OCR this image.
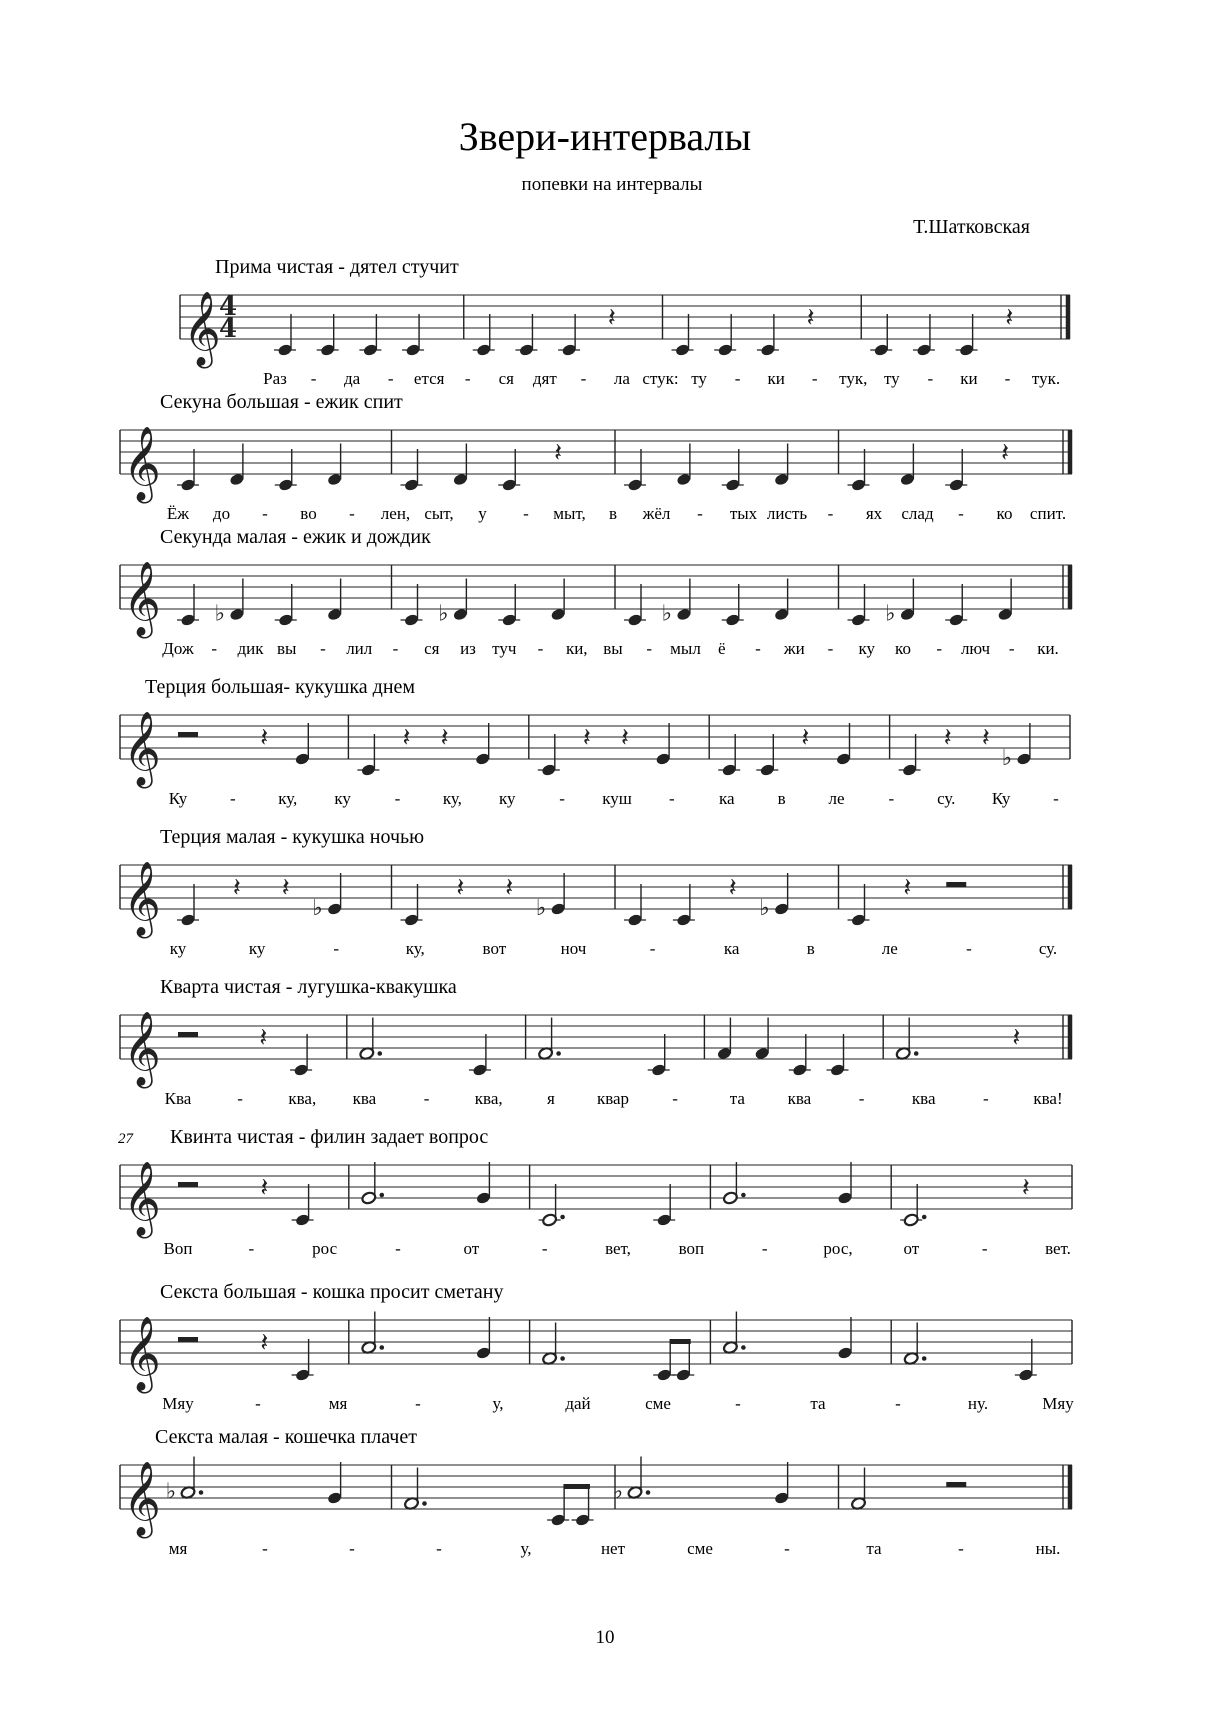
Звери-интервалы
попевки на интервалы
Т.Шатковская
Прима чистая - дятел стучит
𝄞
4
4	𝄽	𝄽	𝄽
Раз - да - ется - ся дят - ла стук: ту - ки - тук, ту - ки - тук.
Секуна большая - ежик спит
𝄞	𝄽	𝄽
Ёж до - во - лен, сыт, у - мыт, в жёл - тых листь - ях слад - ко спит.
Секунда малая - ежик и дождик
𝄞 ♭	♭	♭	♭
Дож - дик вы - лил - ся из туч - ки, вы - мыл ё - жи - ку ко - люч - ки.
Терция большая- кукушка днем
𝄞	𝄽	𝄽 𝄽	𝄽 𝄽	𝄽	𝄽 𝄽
♭
Ку	-	ку, ку	-	ку, ку	- куш -	ка	в	ле	-	су. Ку	-
Терция малая - кукушка ночью
𝄞	𝄽 𝄽
♭
𝄽 𝄽
♭
𝄽
♭
𝄽
ку	ку	-	ку,	вот	ноч	-	ка	в	ле	-	су.
Кварта чистая - лугушка-квакушка
𝄞	𝄽	𝄽
Ква	-	ква, ква	-	ква,	я квар	-	та	ква	-	ква	-	ква!
Квинта чистая - филин задает вопрос
27
𝄞	𝄽	𝄽
Воп	-	рос	-	от	-	вет,	воп	-	рос,	от	-	вет.
Секста большая - кошка просит сметану
𝄞	𝄽
Мяу	-	мя	-	у,	дай	сме	-	та	-	ну.	Мяу
Секста малая - кошечка плачет
𝄞 ♭	♭
мя	-	-	-	у,	нет	сме	-	та	-	ны.
10
